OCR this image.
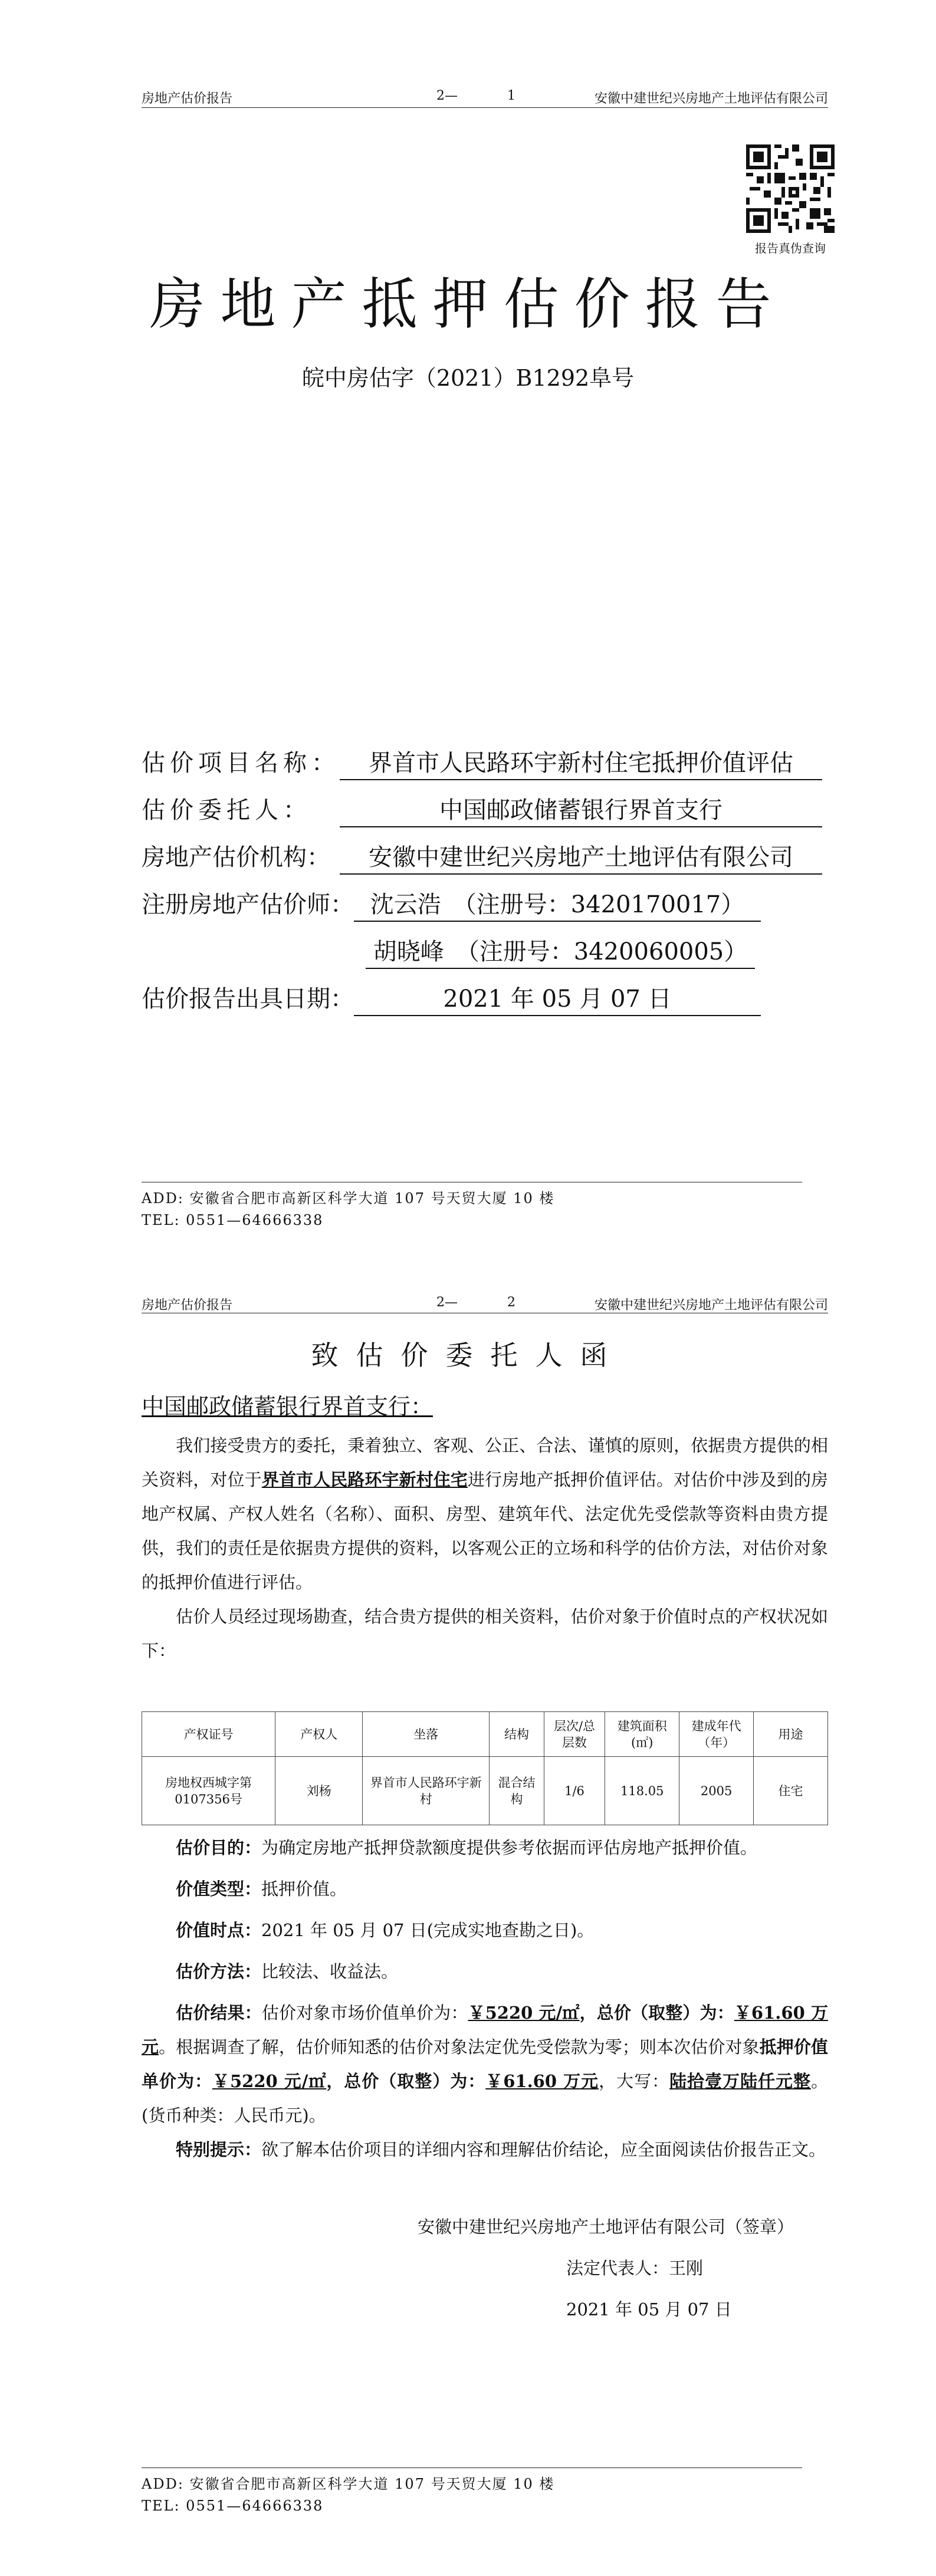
房地产估价报告	2—	1	安徽中建世纪兴房地产土地评估有限公司
报告真伪查询
房地产抵押估价报告
皖中房估字（2021）B1292阜号
估价项目名称：	界首市人民路环宇新村住宅抵押价值评估
估价委托人：	中国邮政储蓄银行界首支行
房地产估价机构：	安徽中建世纪兴房地产土地评估有限公司
注册房地产估价师： 沈云浩　（注册号：3420170017）
胡晓峰　（注册号：3420060005）
估价报告出具日期：	2021 年 05 月 07 日
ADD: 安徽省合肥市高新区科学大道 107 号天贸大厦 10 楼
TEL: 0551—64666338
房地产估价报告	2—	2	安徽中建世纪兴房地产土地评估有限公司
致估价委托人函
中国邮政储蓄银行界首支行：
我们接受贵方的委托，秉着独立、客观、公正、合法、谨慎的原则，依据贵方提供的相关资料，对位于界首市人民路环宇新村住宅进行房地产抵押价值评估。对估价中涉及到的房地产权属、产权人姓名（名称）、面积、房型、建筑年代、法定优先受偿款等资料由贵方提供，我们的责任是依据贵方提供的资料，以客观公正的立场和科学的估价方法，对估价对象的抵押价值进行评估。
估价人员经过现场勘查，结合贵方提供的相关资料，估价对象于价值时点的产权状况如下：
产权证号	产权人	坐落	结构	层次/总层数	建筑面积(㎡)	建成年代（年）	用途
房地权西城字第0107356号	刘杨	界首市人民路环宇新村	混合结构	1/6	118.05	2005	住宅
估价目的：为确定房地产抵押贷款额度提供参考依据而评估房地产抵押价值。
价值类型：抵押价值。
价值时点：2021 年 05 月 07 日(完成实地查勘之日)。
估价方法：比较法、收益法。
估价结果：估价对象市场价值单价为：￥5220 元/㎡，总价（取整）为：￥61.60 万元。根据调查了解，估价师知悉的估价对象法定优先受偿款为零；则本次估价对象抵押价值单价为：￥5220 元/㎡，总价（取整）为：￥61.60 万元，大写：陆拾壹万陆仟元整。(货币种类：人民币元)。
特别提示：欲了解本估价项目的详细内容和理解估价结论，应全面阅读估价报告正文。
安徽中建世纪兴房地产土地评估有限公司（签章）
法定代表人：王刚
2021 年 05 月 07 日
ADD: 安徽省合肥市高新区科学大道 107 号天贸大厦 10 楼
TEL: 0551—64666338
